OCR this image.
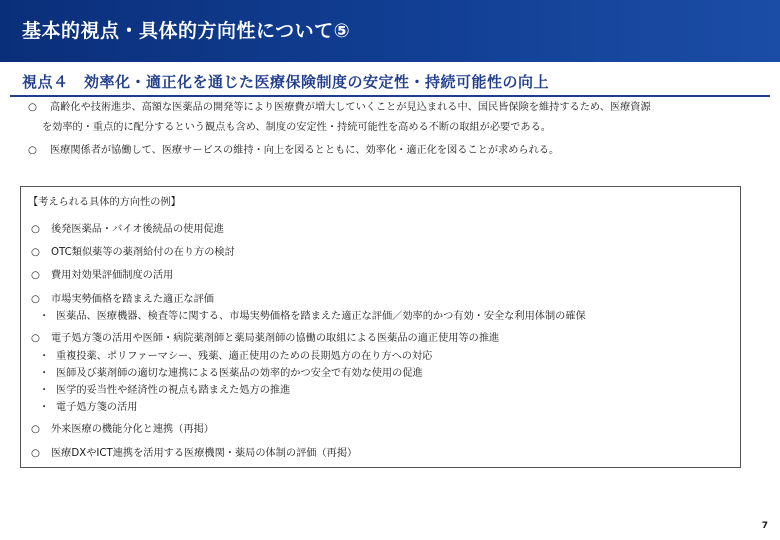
基本的視点・具体的方向性について⑤
視点４　効率化・適正化を通じた医療保険制度の安定性・持続可能性の向上
○ 高齢化や技術進歩、高額な医薬品の開発等により医療費が増大していくことが見込まれる中、国民皆保険を維持するため、医療資源
を効率的・重点的に配分するという観点も含め、制度の安定性・持続可能性を高める不断の取組が必要である。
○ 医療関係者が協働して、医療サービスの維持・向上を図るとともに、効率化・適正化を図ることが求められる。
【考えられる具体的方向性の例】
○ 後発医薬品・バイオ後続品の使用促進
○ OTC類似薬等の薬剤給付の在り方の検討
○ 費用対効果評価制度の活用
○ 市場実勢価格を踏まえた適正な評価
・ 医薬品、医療機器、検査等に関する、市場実勢価格を踏まえた適正な評価／効率的かつ有効・安全な利用体制の確保
○ 電子処方箋の活用や医師・病院薬剤師と薬局薬剤師の協働の取組による医薬品の適正使用等の推進
・ 重複投薬、ポリファーマシー、残薬、適正使用のための長期処方の在り方への対応
・ 医師及び薬剤師の適切な連携による医薬品の効率的かつ安全で有効な使用の促進
・ 医学的妥当性や経済性の視点も踏まえた処方の推進
・ 電子処方箋の活用
○ 外来医療の機能分化と連携（再掲）
○ 医療DXやICT連携を活用する医療機関・薬局の体制の評価（再掲）
7
